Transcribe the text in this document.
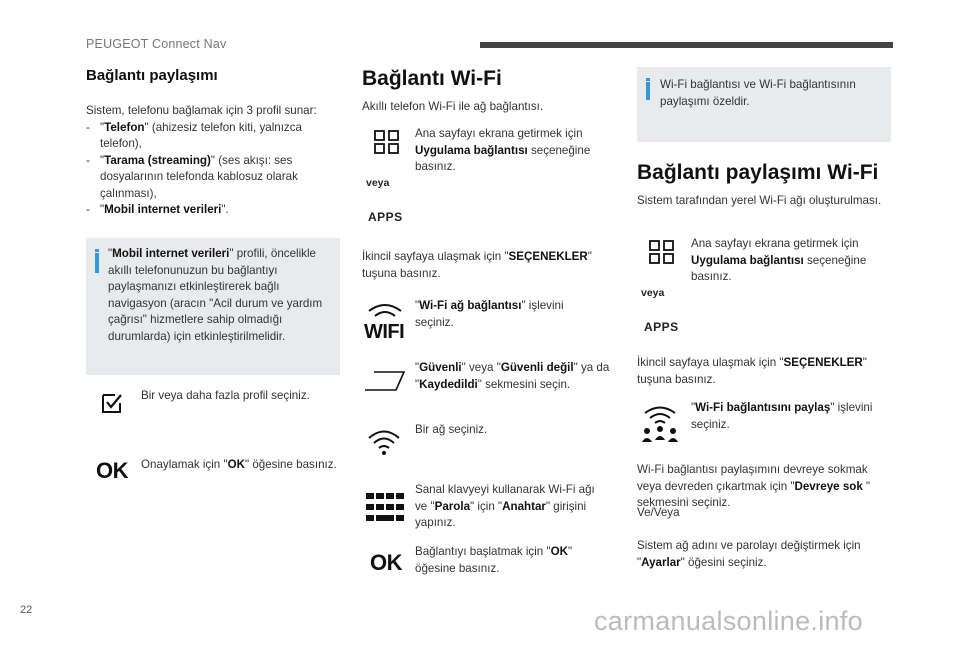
PEUGEOT Connect Nav
Bağlantı paylaşımı
Sistem, telefonu bağlamak için 3 profil sunar:
- "Telefon" (ahizesiz telefon kiti, yalnızca telefon),
- "Tarama (streaming)" (ses akışı: ses dosyalarının telefonda kablosuz olarak çalınması),
- "Mobil internet verileri".
"Mobil internet verileri" profili, öncelikle akıllı telefonunuzun bu bağlantıyı paylaşmanızı etkinleştirerek bağlı navigasyon (aracın "Acil durum ve yardım çağrısı" hizmetlere sahip olmadığı durumlarda) için etkinleştirilmelidir.
Bir veya daha fazla profil seçiniz.
OK Onaylamak için "OK" öğesine basınız.
Bağlantı Wi-Fi
Akıllı telefon Wi-Fi ile ağ bağlantısı.
veya
APPS
Ana sayfayı ekrana getirmek için Uygulama bağlantısı seçeneğine basınız.
İkincil sayfaya ulaşmak için "SEÇENEKLER" tuşuna basınız.
WIFI
"Wi-Fi ağ bağlantısı" işlevini seçiniz.
"Güvenli" veya "Güvenli değil" ya da "Kaydedildi" sekmesini seçin.
Bir ağ seçiniz.
Sanal klavyeyi kullanarak Wi-Fi ağı ve "Parola" için "Anahtar" girişini yapınız.
OK Bağlantıyı başlatmak için "OK" öğesine basınız.
Wi-Fi bağlantısı ve Wi-Fi bağlantısının paylaşımı özeldir.
Bağlantı paylaşımı Wi-Fi
Sistem tarafından yerel Wi-Fi ağı oluşturulması.
veya
APPS
Ana sayfayı ekrana getirmek için Uygulama bağlantısı seçeneğine basınız.
İkincil sayfaya ulaşmak için "SEÇENEKLER" tuşuna basınız.
"Wi-Fi bağlantısını paylaş" işlevini seçiniz.
Wi-Fi bağlantısı paylaşımını devreye sokmak veya devreden çıkartmak için "Devreye sok " sekmesini seçiniz.
Ve/Veya
Sistem ağ adını ve parolayı değiştirmek için "Ayarlar" öğesini seçiniz.
22	carmanualsonline.info
